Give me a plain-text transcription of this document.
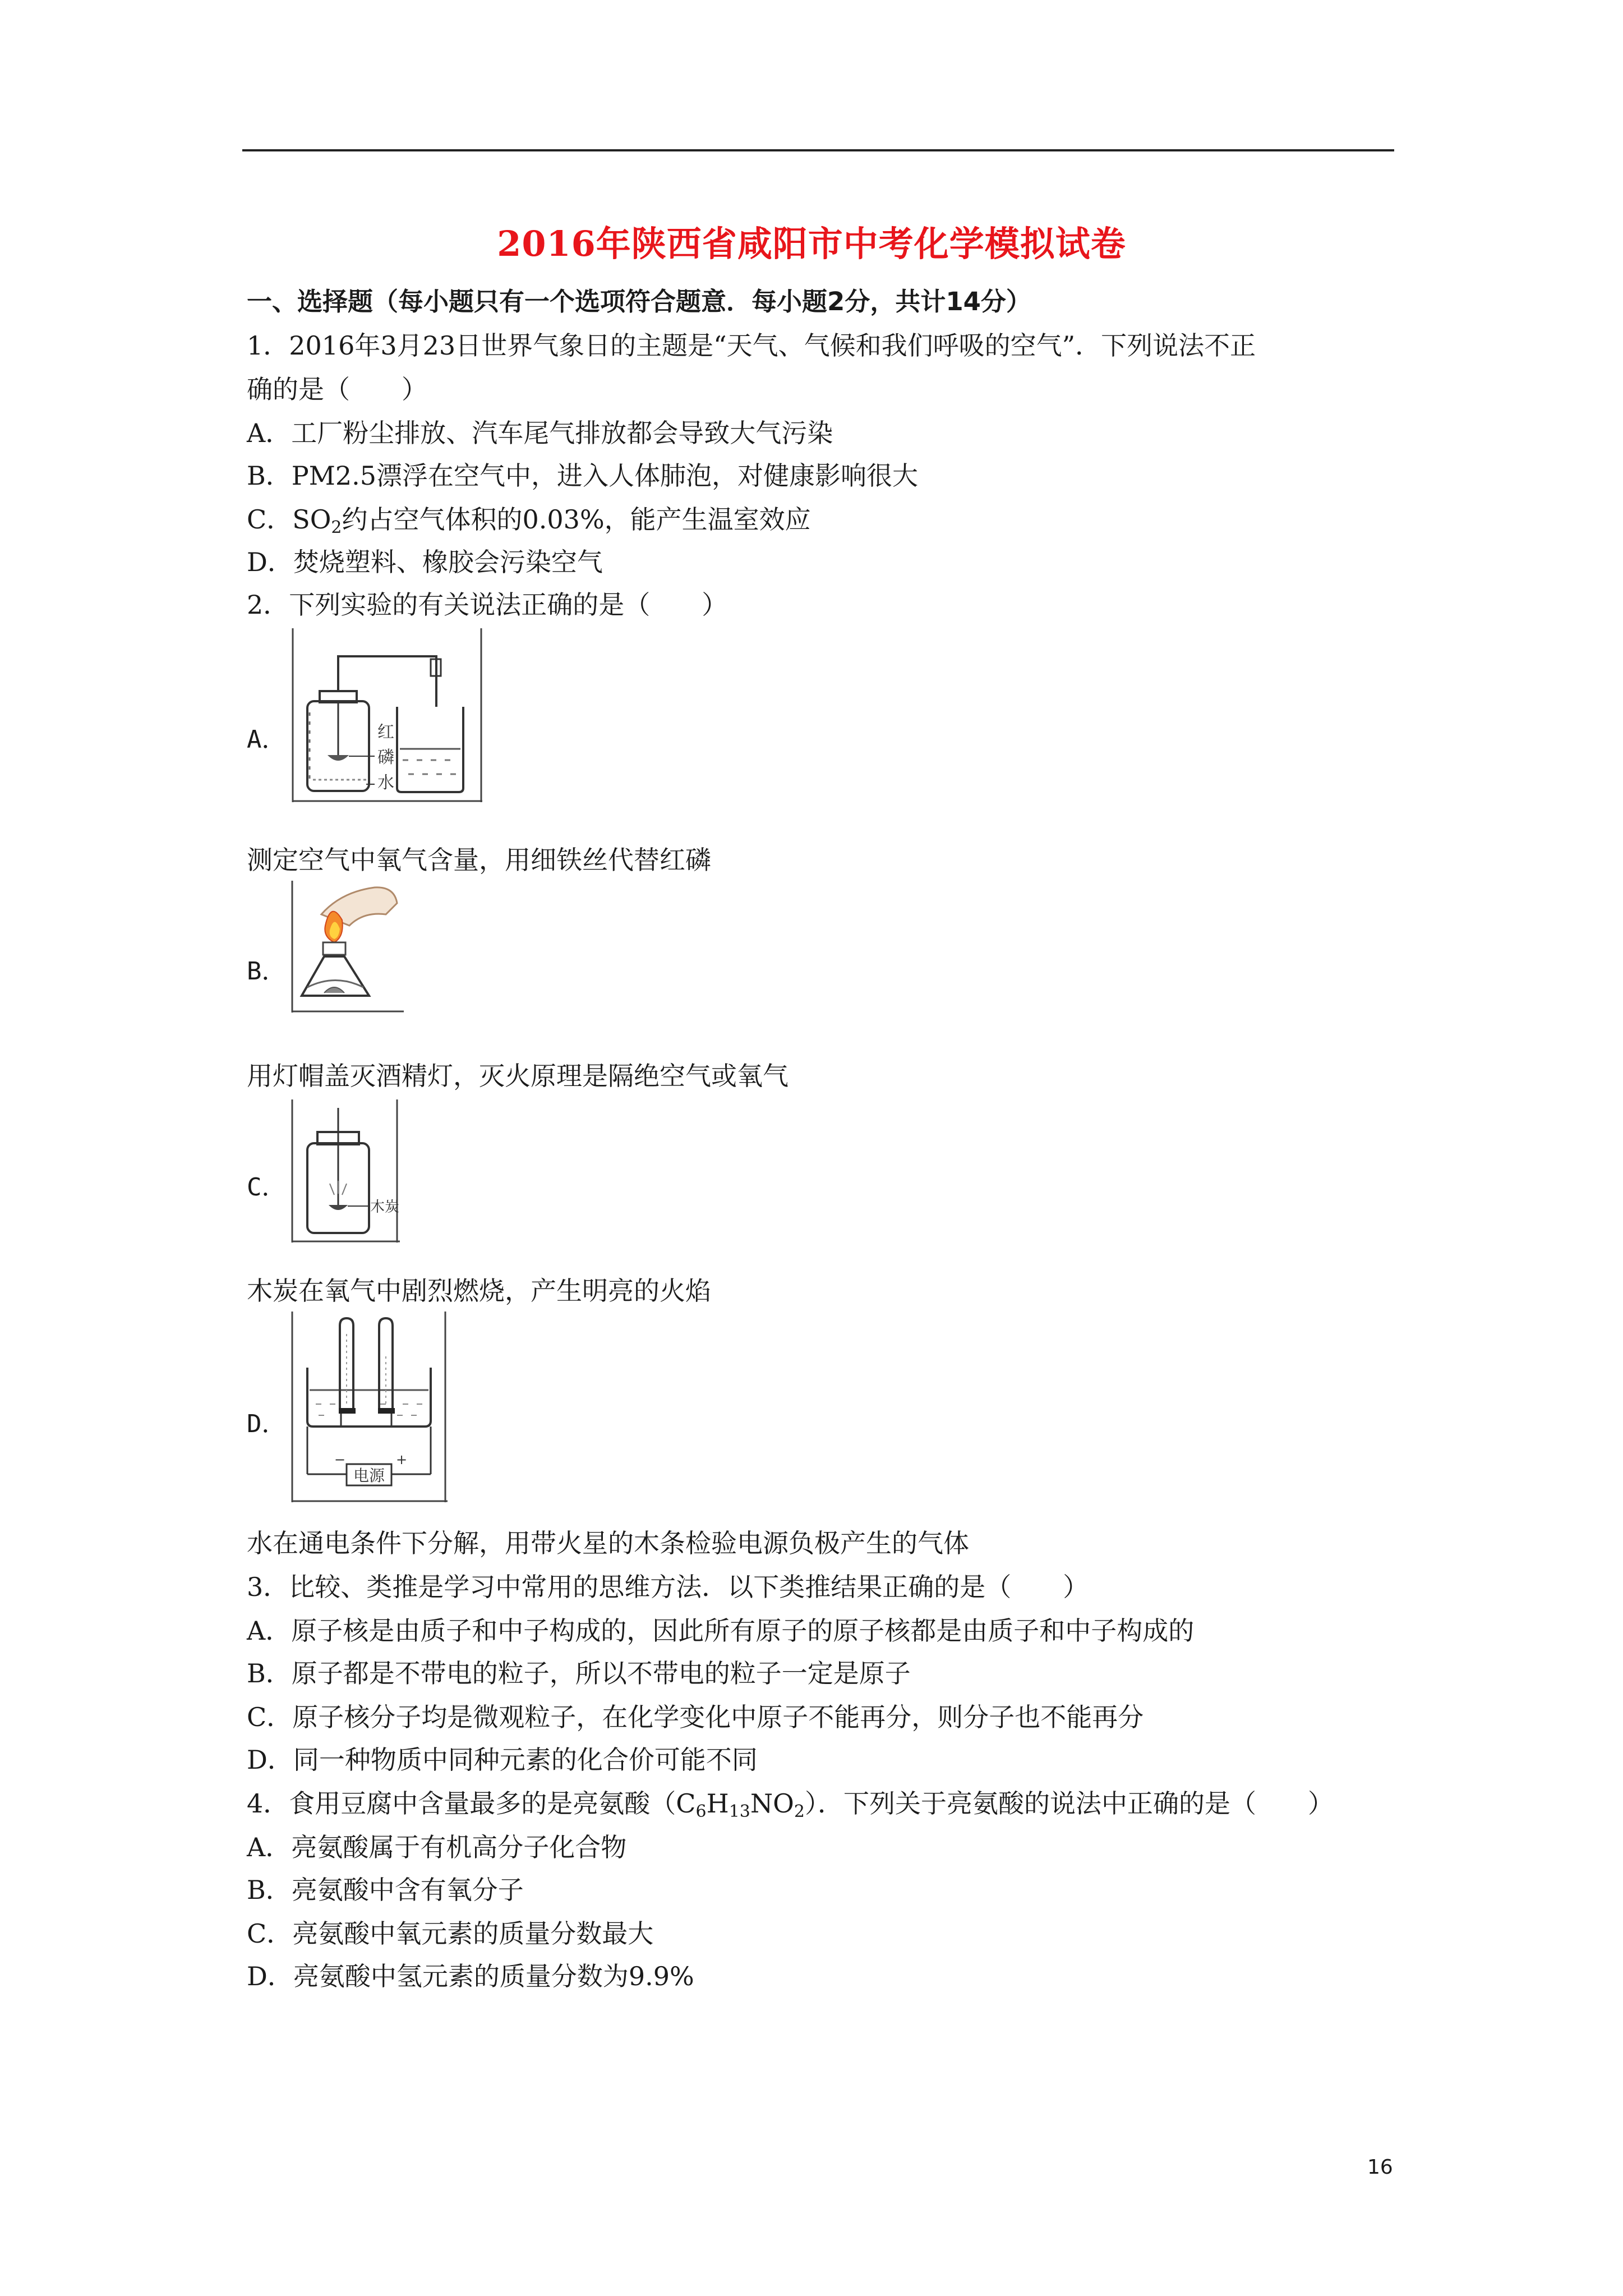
2016年陕西省咸阳市中考化学模拟试卷
一、选择题（每小题只有一个选项符合题意．每小题2分，共计14分）
1．2016年3月23日世界气象日的主题是“天气、气候和我们呼吸的空气”．下列说法不正
确的是（　　）
A．工厂粉尘排放、汽车尾气排放都会导致大气污染
B．PM2.5漂浮在空气中，进入人体肺泡，对健康影响很大
C．$SO_2$约占空气体积的0.03%，能产生温室效应
D．焚烧塑料、橡胶会污染空气
2．下列实验的有关说法正确的是（　　）
A．	红
磷
水
测定空气中氧气含量，用细铁丝代替红磷
B．
用灯帽盖灭酒精灯，灭火原理是隔绝空气或氧气
C．
木炭
木炭在氧气中剧烈燃烧，产生明亮的火焰
D．
电源
−	+
水在通电条件下分解，用带火星的木条检验电源负极产生的气体
3．比较、类推是学习中常用的思维方法．以下类推结果正确的是（　　）
A．原子核是由质子和中子构成的，因此所有原子的原子核都是由质子和中子构成的
B．原子都是不带电的粒子，所以不带电的粒子一定是原子
C．原子核分子均是微观粒子，在化学变化中原子不能再分，则分子也不能再分
D．同一种物质中同种元素的化合价可能不同
4．食用豆腐中含量最多的是亮氨酸$(C_6H_{13}NO_2)$．下列关于亮氨酸的说法中正确的是（　　）
A．亮氨酸属于有机高分子化合物
B．亮氨酸中含有氧分子
C．亮氨酸中氧元素的质量分数最大
D．亮氨酸中氢元素的质量分数为9.9%
16
